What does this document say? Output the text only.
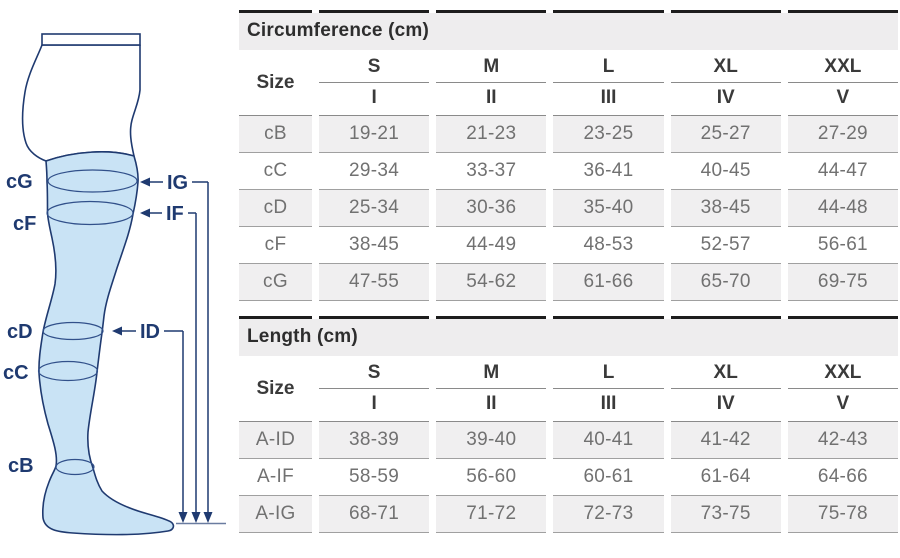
cG
cF
cD
cC
cB
IG
IF
ID
Circumference (cm)
Size
S	M	L	XL	XXL
I	II	III	IV	V
cB	19-21	21-23	23-25	25-27	27-29
cC	29-34	33-37	36-41	40-45	44-47
cD	25-34	30-36	35-40	38-45	44-48
cF	38-45	44-49	48-53	52-57	56-61
cG	47-55	54-62	61-66	65-70	69-75
Length (cm)
Size
S	M	L	XL	XXL
I	II	III	IV	V
A-ID	38-39	39-40	40-41	41-42	42-43
A-IF	58-59	56-60	60-61	61-64	64-66
A-IG	68-71	71-72	72-73	73-75	75-78
